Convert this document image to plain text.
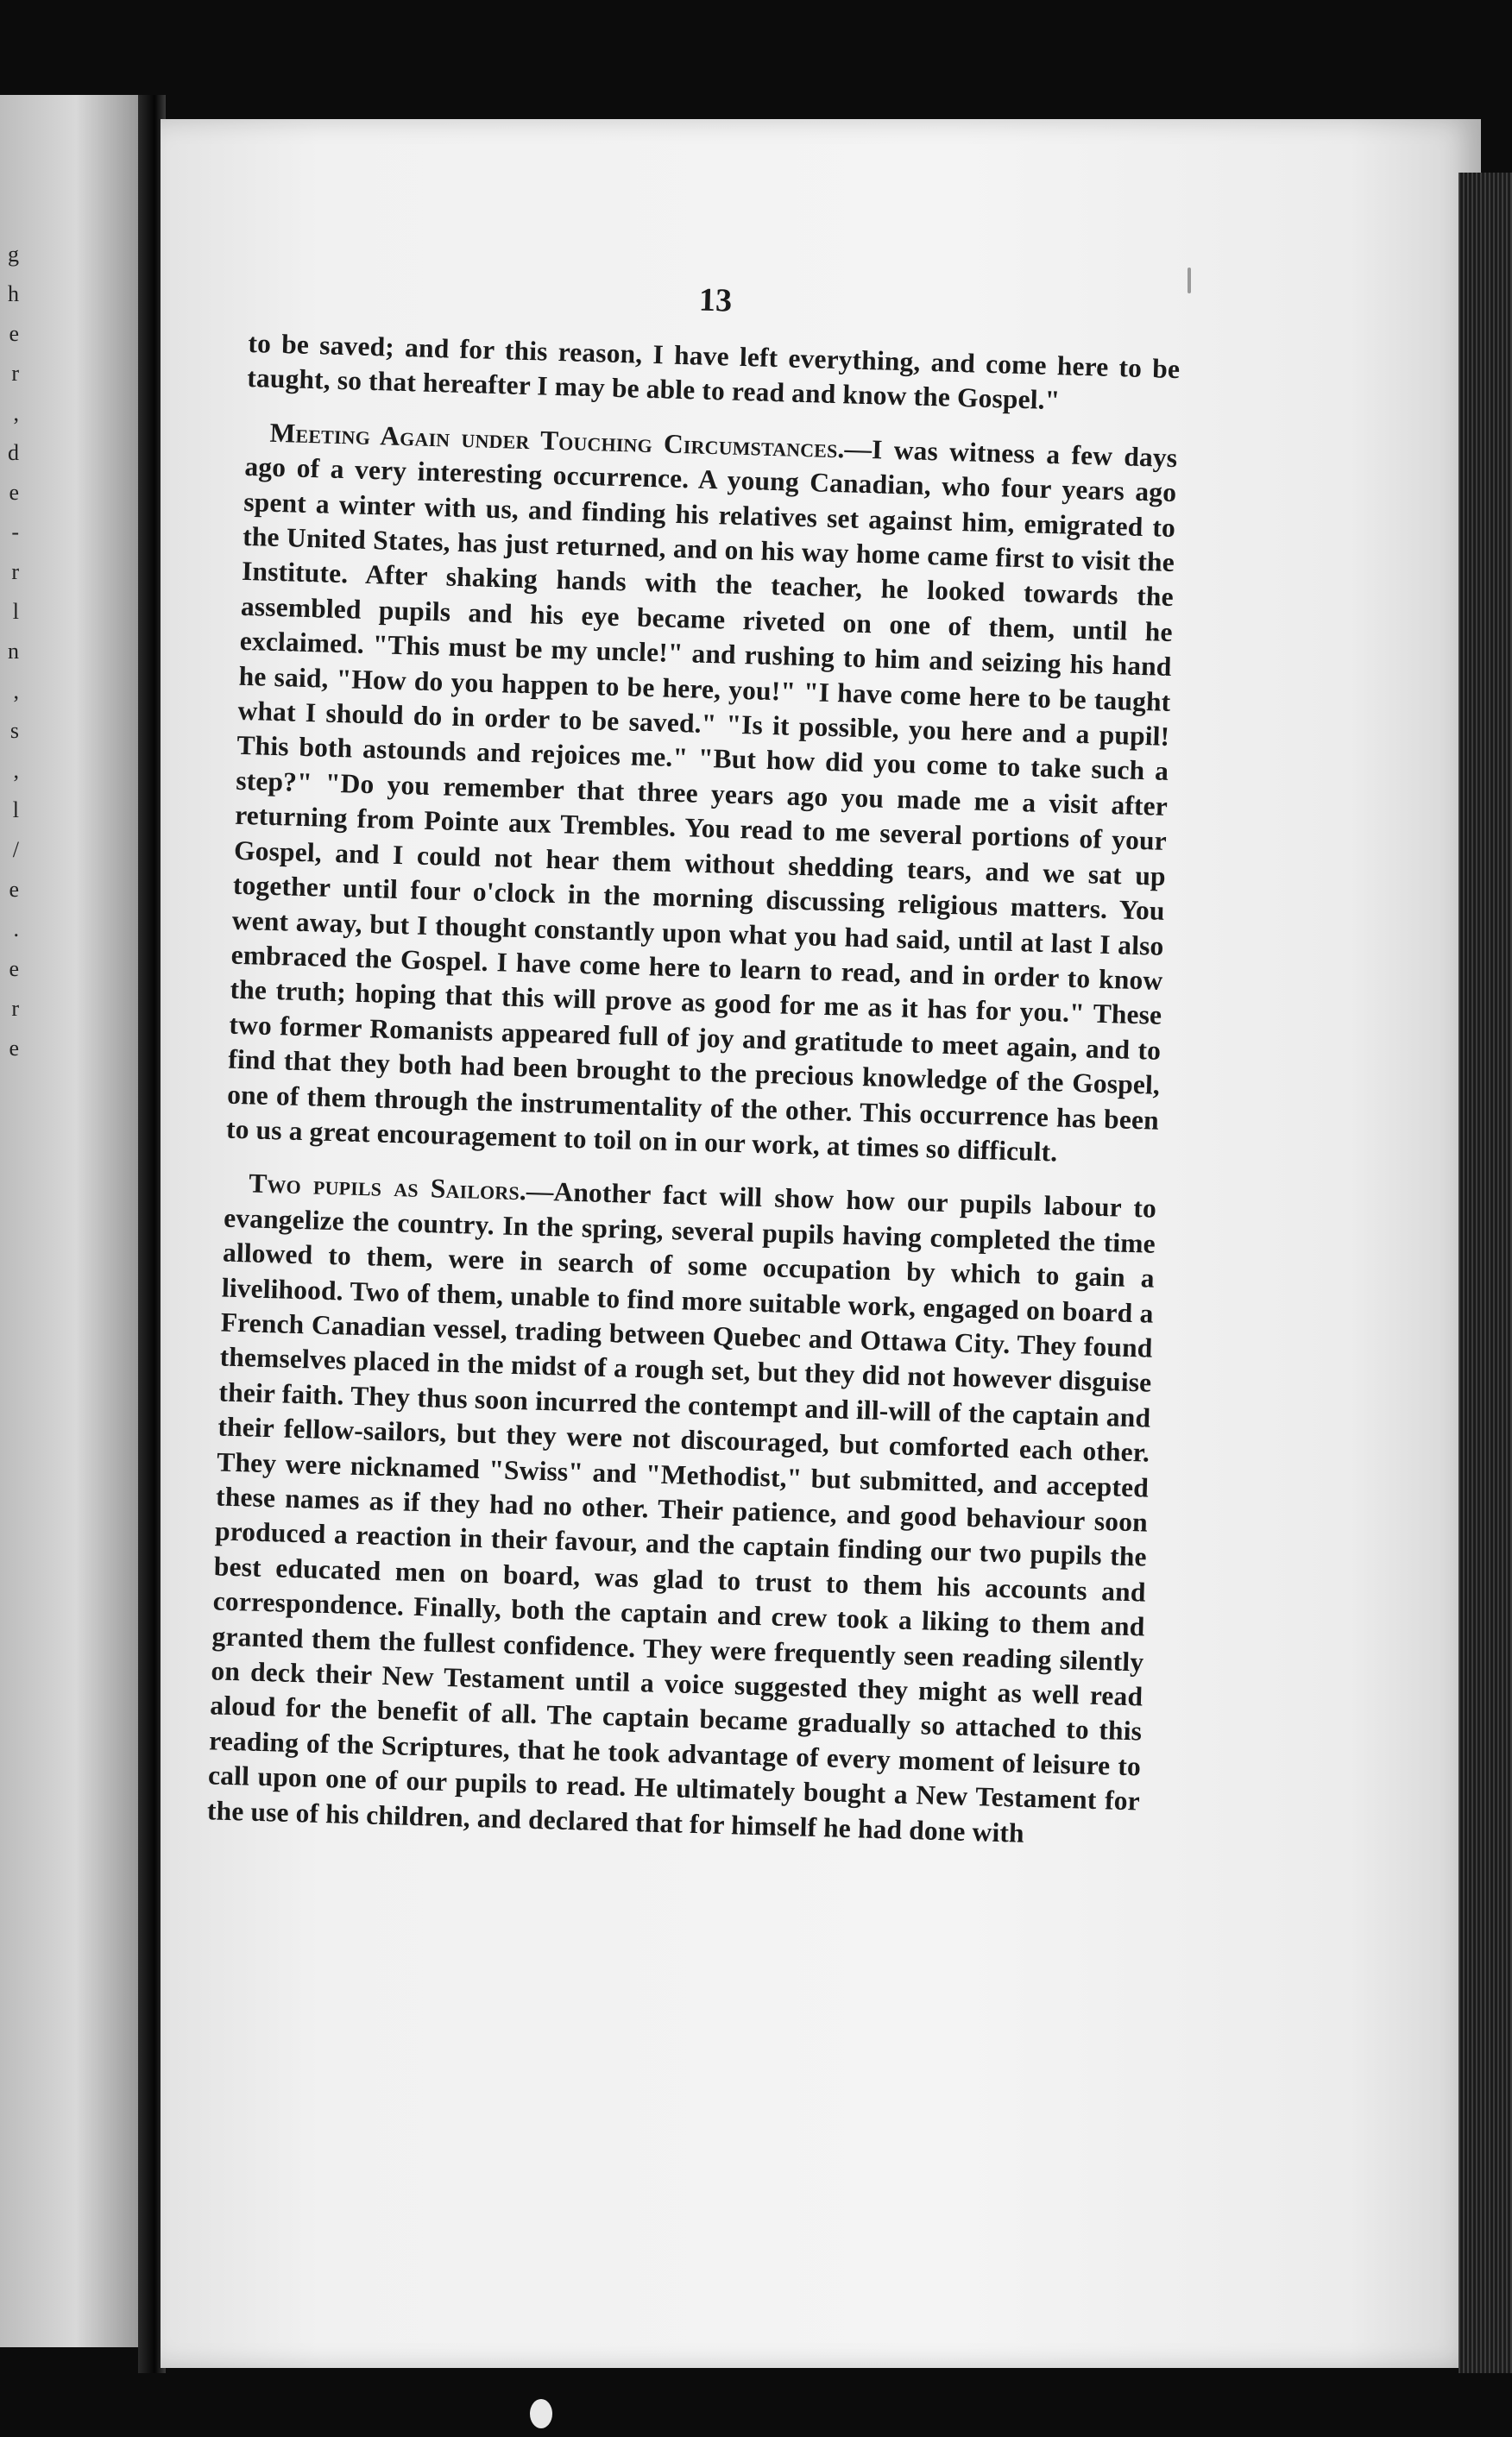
g
h
e
r
,
d
e
-
r
l
n
,
s
,
l
/
e
.
e
r
e
13

to be saved; and for this reason, I have left everything, and come here to be taught, so that hereafter I may be able to read and know the Gospel."

Meeting Again under Touching Circumstances.—I was witness a few days ago of a very interesting occurrence. A young Canadian, who four years ago spent a winter with us, and finding his relatives set against him, emigrated to the United States, has just returned, and on his way home came first to visit the Institute. After shaking hands with the teacher, he looked towards the assembled pupils and his eye became riveted on one of them, until he exclaimed. "This must be my uncle!" and rushing to him and seizing his hand he said, "How do you happen to be here, you!" "I have come here to be taught what I should do in order to be saved." "Is it possible, you here and a pupil! This both astounds and rejoices me." "But how did you come to take such a step?" "Do you remember that three years ago you made me a visit after returning from Pointe aux Trembles. You read to me several portions of your Gospel, and I could not hear them without shedding tears, and we sat up together until four o'clock in the morning discussing religious matters. You went away, but I thought constantly upon what you had said, until at last I also embraced the Gospel. I have come here to learn to read, and in order to know the truth; hoping that this will prove as good for me as it has for you." These two former Romanists appeared full of joy and gratitude to meet again, and to find that they both had been brought to the precious knowledge of the Gospel, one of them through the instrumentality of the other. This occurrence has been to us a great encouragement to toil on in our work, at times so difficult.

Two pupils as Sailors.—Another fact will show how our pupils labour to evangelize the country. In the spring, several pupils having completed the time allowed to them, were in search of some occupation by which to gain a livelihood. Two of them, unable to find more suitable work, engaged on board a French Canadian vessel, trading between Quebec and Ottawa City. They found themselves placed in the midst of a rough set, but they did not however disguise their faith. They thus soon incurred the contempt and ill-will of the captain and their fellow-sailors, but they were not discouraged, but comforted each other. They were nicknamed "Swiss" and "Methodist," but submitted, and accepted these names as if they had no other. Their patience, and good behaviour soon produced a reaction in their favour, and the captain finding our two pupils the best educated men on board, was glad to trust to them his accounts and correspondence. Finally, both the captain and crew took a liking to them and granted them the fullest confidence. They were frequently seen reading silently on deck their New Testament until a voice suggested they might as well read aloud for the benefit of all. The captain became gradually so attached to this reading of the Scriptures, that he took advantage of every moment of leisure to call upon one of our pupils to read. He ultimately bought a New Testament for the use of his children, and declared that for himself he had done with
